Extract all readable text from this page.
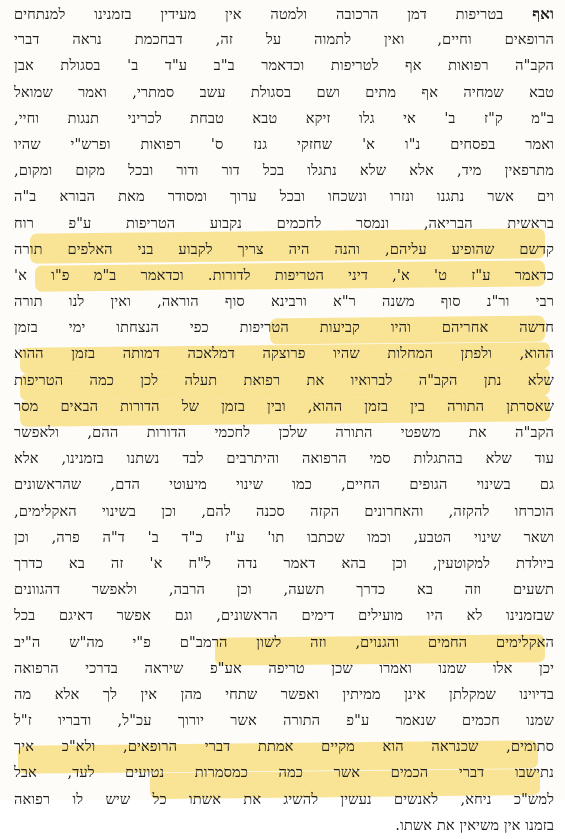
ואף בטריפות דמן הרכובה ולמטה אין מעידין בזמנינו למנתחים
הרופאים וחיים, ואין לתמוה על זה, דבחכמת נראה דברי
הקב"ה רפואות אף לטריפות וכדאמר ב"ב ע"ד ב' בסגולת אבן
טבא שמחיה אף מתים ושם בסגולת עשב סמתרי, ואמר שמואל
ב"מ ק"ז ב' אי גלו זיקא טבא טבחת לכריני תנגות וחיי,
ואמר בפסחים נ"ו א' שחזקי גנז ס' רפואות ופרש"י שהיו
מתרפאין מיד, אלא שלא נתגלו בכל דור ודור ובכל מקום ומקום,
וים אשר נתגנו ונזרו ונשכחו ובכל ערוך ומסודר מאת הבורא ב"ה
בראשית הבריאה, ונמסר לחכמים נקבוע הטריפות ע"פ רוח
קדשם שהופיע עליהם, והנה היה צריך לקבוע בני האלפים תורה
כדאמר ע"ז ט' א', דיני הטריפות לדורות. וכדאמר ב"מ פ"ו א'
רבי ור"נ סוף משנה ר"א ורבינא סוף הוראה, ואין לנו תורה
חדשה אחריהם והיו קביעות הטריפות כפי הנצחתו ימי בזמן
ההוא, ולפתן המחלות שהיו פרוצקה דמלאכה דמותה בזמן ההוא
שלא נתן הקב"ה לברואיו את רפואת תעלה לכן כמה הטריפות
שאסרתן התורה בין בזמן ההוא, ובין בזמן של הדורות הבאים מסר
הקב"ה את משפטי התורה שלכן לחכמי הדורות ההם, ולאפשר
עוד שלא בהתגלות סמי הרפואה והיתרבים לבד נשתנו בזמנינו, אלא
גם בשינוי הגופים החיים, כמו שינוי מיעוטי הדם, שהראשונים
הוכרחו להקזה, והאחרונים הקזה סכנה להם, וכן בשינוי האקלימים,
ושאר שינוי הטבע, וכמו שכתבו תו' ע"ז כ"ד ב' ד"ה פרה, וכן
ביולדת למקוטעין, וכן בהא דאמר נדה ל"ח א' זה בא כדרך
תשעים וזה בא כדרך תשעה, וכן הרבה, ולאפשר דהגוונים
שבזמנינו לא היו מועילים דימים הראשונים, וגם אפשר דאיגם בכל
האקלימים החמים והגנוים, וזה לשון הרמב"ם פ"י מה"ש ה"יב
יכן אלו שמנו ואמרו שכן טריפה אע"פ שיראה בדרכי הרפואה
בדיוינו שמקלתן אינן ממיתין ואפשר שתחי מהן אין לך אלא מה
שמנו חכמים שנאמר ע"פ התורה אשר יורוך עכ"ל, ודבריו ז"ל
סתומים, שכנראה הוא מקיים אמתת דברי הרופאים, ולא"כ איך
נתישבו דברי הכמים אשר כמה כמסמרות נטועים לעד, אבל
למש"כ ניחא, לאנשים נעשין להשיג את אשתו כל שיש לו רפואה
בזמנו אין משיאין את אשתו.
